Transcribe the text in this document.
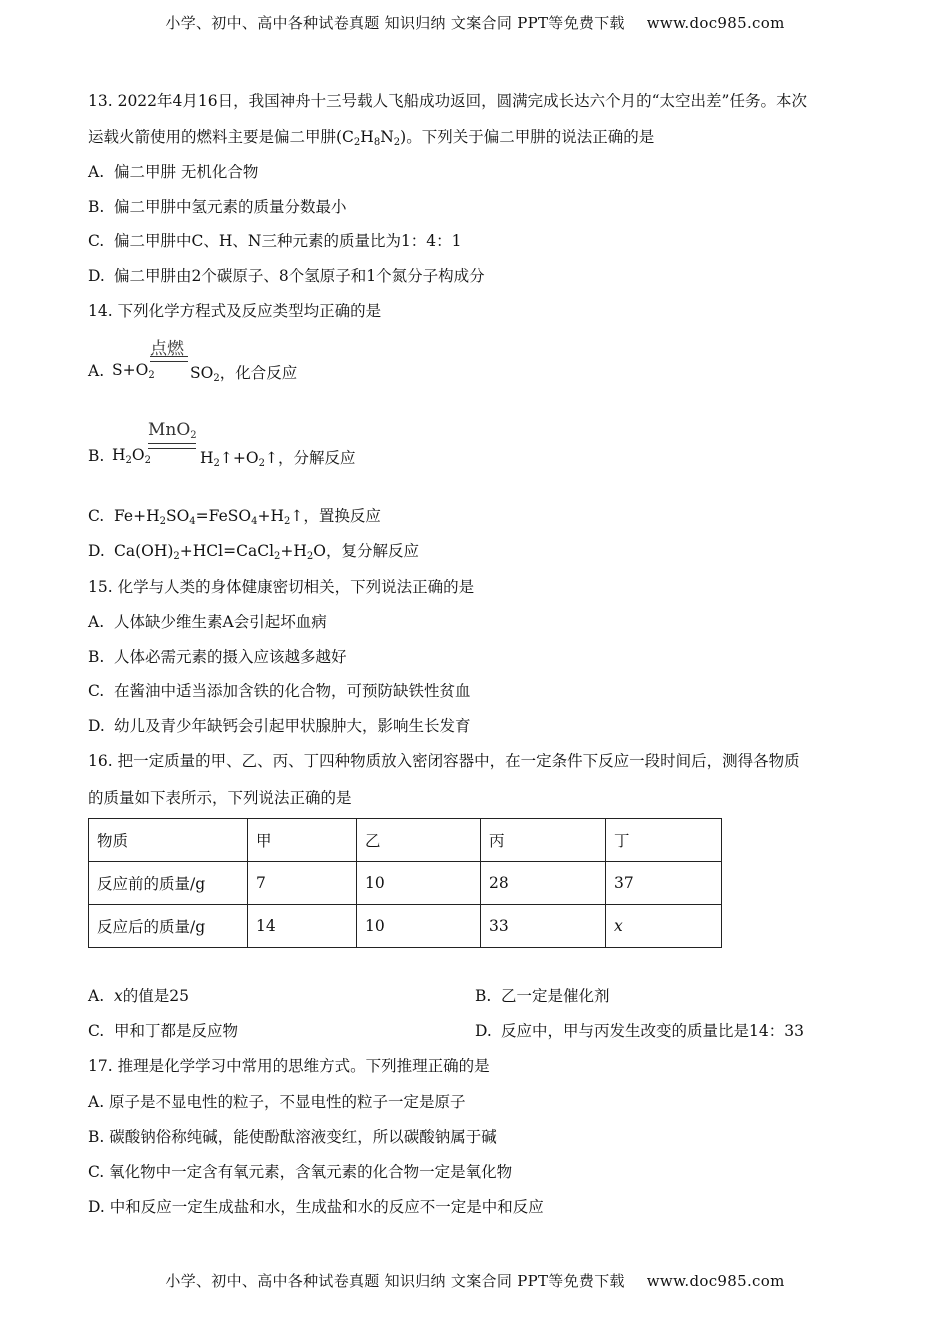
小学、初中、高中各种试卷真题 知识归纳 文案合同 PPT等免费下载 www.doc985.com
13. 2022年4月16日，我国神舟十三号载人飞船成功返回，圆满完成长达六个月的“太空出差”任务。本次
运载火箭使用的燃料主要是偏二甲肼$(C_2H_8N_2)$。下列关于偏二甲肼的说法正确的是
A. 偏二甲肼 无机化合物
B. 偏二甲肼中氢元素的质量分数最小
C. 偏二甲肼中C、H、N三种元素的质量比为1：4：1
D. 偏二甲肼由2个碳原子、8个氢原子和1个氮分子构成分
14. 下列化学方程式及反应类型均正确的是
A. $S+O_2$
点燃
$SO_2$，化合反应
B. $H_2O_2$
MnO$_2$
$H_2↑+O_2↑$，分解反应
C. $Fe+H_2SO_4=FeSO_4+H_2↑$，置换反应
D. $Ca(OH)_2+HCl=CaCl_2+H_2O$，复分解反应
15. 化学与人类的身体健康密切相关，下列说法正确的是
A. 人体缺少维生素A会引起坏血病
B. 人体必需元素的摄入应该越多越好
C. 在酱油中适当添加含铁的化合物，可预防缺铁性贫血
D. 幼儿及青少年缺钙会引起甲状腺肿大，影响生长发育
16. 把一定质量的甲、乙、丙、丁四种物质放入密闭容器中，在一定条件下反应一段时间后，测得各物质
的质量如下表所示，下列说法正确的是
物质	甲	乙	丙	丁
反应前的质量/g	7	10	28	37
反应后的质量/g	14	10	33	x
A. x的值是25	B. 乙一定是催化剂
C. 甲和丁都是反应物	D. 反应中，甲与丙发生改变的质量比是14：33
17. 推理是化学学习中常用的思维方式。下列推理正确的是
A. 原子是不显电性的粒子，不显电性的粒子一定是原子
B. 碳酸钠俗称纯碱，能使酚酞溶液变红，所以碳酸钠属于碱
C. 氧化物中一定含有氧元素，含氧元素的化合物一定是氧化物
D. 中和反应一定生成盐和水，生成盐和水的反应不一定是中和反应
小学、初中、高中各种试卷真题 知识归纳 文案合同 PPT等免费下载 www.doc985.com
